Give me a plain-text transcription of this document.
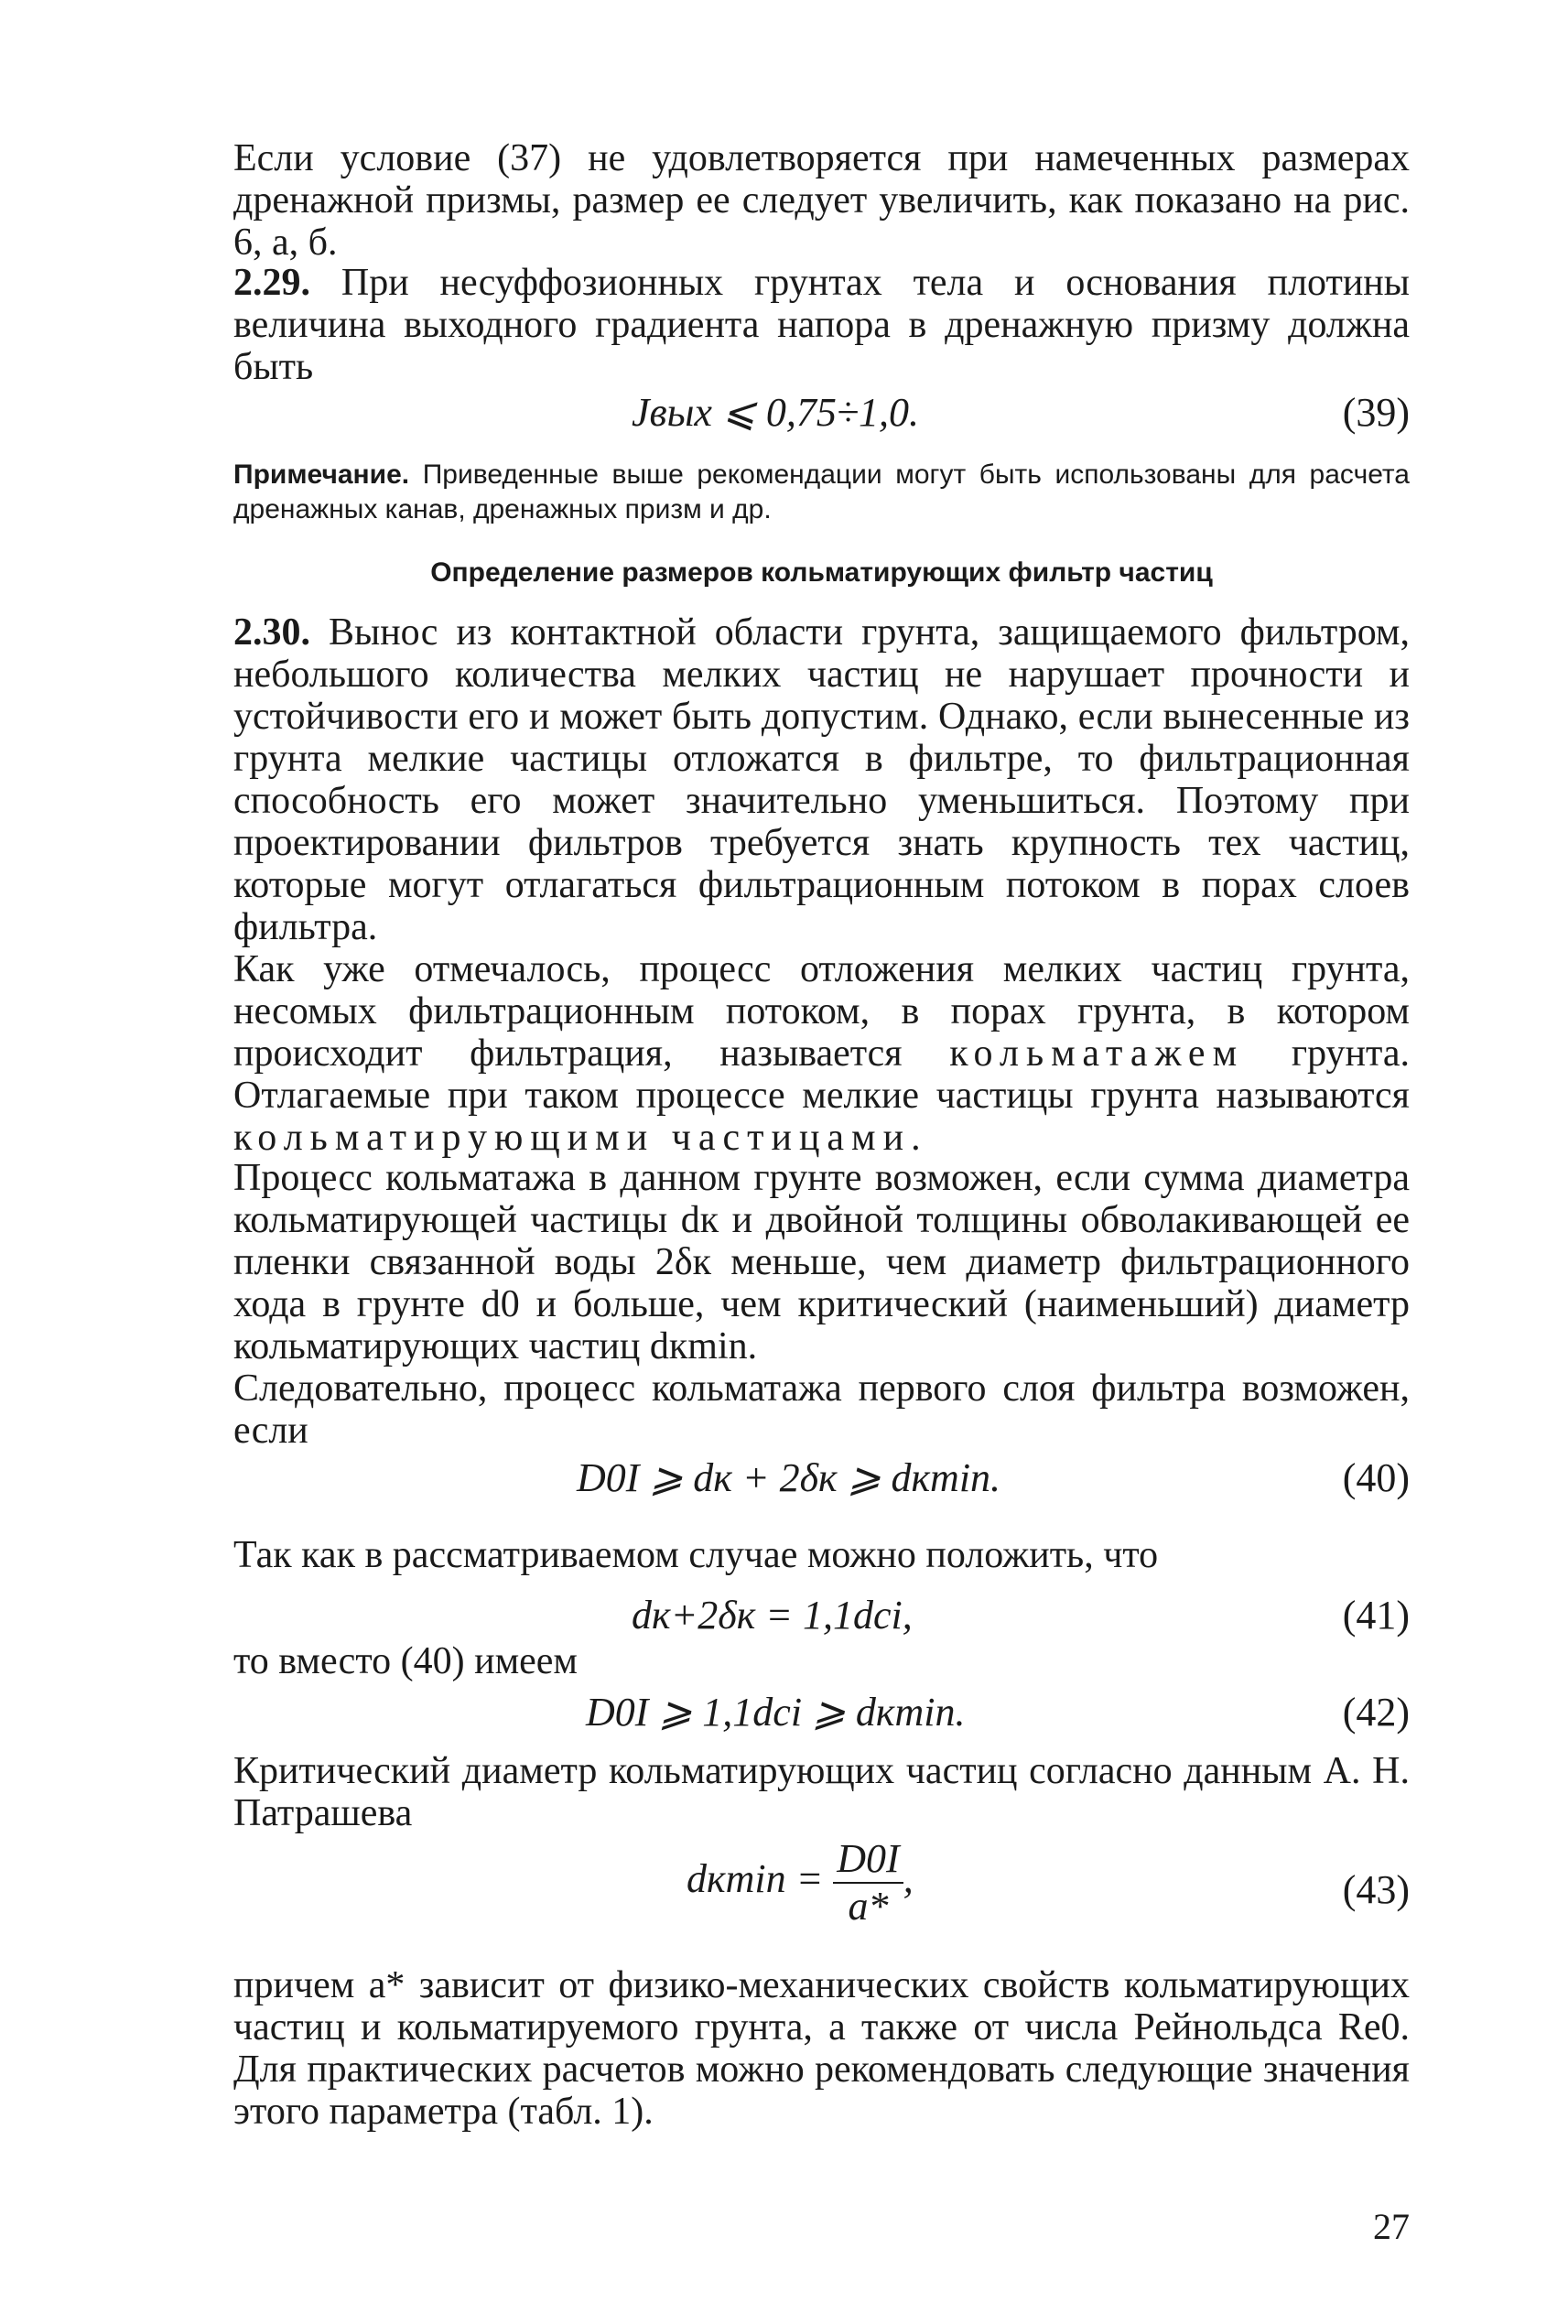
Если условие (37) не удовлетворяется при намеченных размерах дренажной призмы, размер ее следует увеличить, как показано на рис. 6, а, б.

2.29. При несуффозионных грунтах тела и основания плотины величина выходного градиента напора в дренажную призму должна быть

Jвых ⩽ 0,75÷1,0.	(39)

Примечание. Приведенные выше рекомендации могут быть использованы для расчета дренажных канав, дренажных призм и др.

Определение размеров кольматирующих фильтр частиц

2.30. Вынос из контактной области грунта, защищаемого фильтром, небольшого количества мелких частиц не нарушает прочности и устойчивости его и может быть допустим. Однако, если вынесенные из грунта мелкие частицы отложатся в фильтре, то фильтрационная способность его может значительно уменьшиться. Поэтому при проектировании фильтров требуется знать крупность тех частиц, которые могут отлагаться фильтрационным потоком в порах слоев фильтра.

Как уже отмечалось, процесс отложения мелких частиц грунта, несомых фильтрационным потоком, в порах грунта, в котором происходит фильтрация, называется кольматажем грунта. Отлагаемые при таком процессе мелкие частицы грунта называются кольматирующими частицами.

Процесс кольматажа в данном грунте возможен, если сумма диаметра кольматирующей частицы dк и двойной толщины обволакивающей ее пленки связанной воды 2δк меньше, чем диаметр фильтрационного хода в грунте d0 и больше, чем критический (наименьший) диаметр кольматирующих частиц dкmin.

Следовательно, процесс кольматажа первого слоя фильтра возможен, если

D0I ⩾ dк + 2δк ⩾ dкmin.	(40)

Так как в рассматриваемом случае можно положить, что

dк+2δк = 1,1dci,	(41)

то вместо (40) имеем

D0I ⩾ 1,1dci ⩾ dкmin.	(42)

Критический диаметр кольматирующих частиц согласно данным А. Н. Патрашева

$dк\min = \frac{D0I}{a*}$ ,	(43)

причем a* зависит от физико-механических свойств кольматирующих частиц и кольматируемого грунта, а также от числа Рейнольдса Re0. Для практических расчетов можно рекомендовать следующие значения этого параметра (табл. 1).

27
